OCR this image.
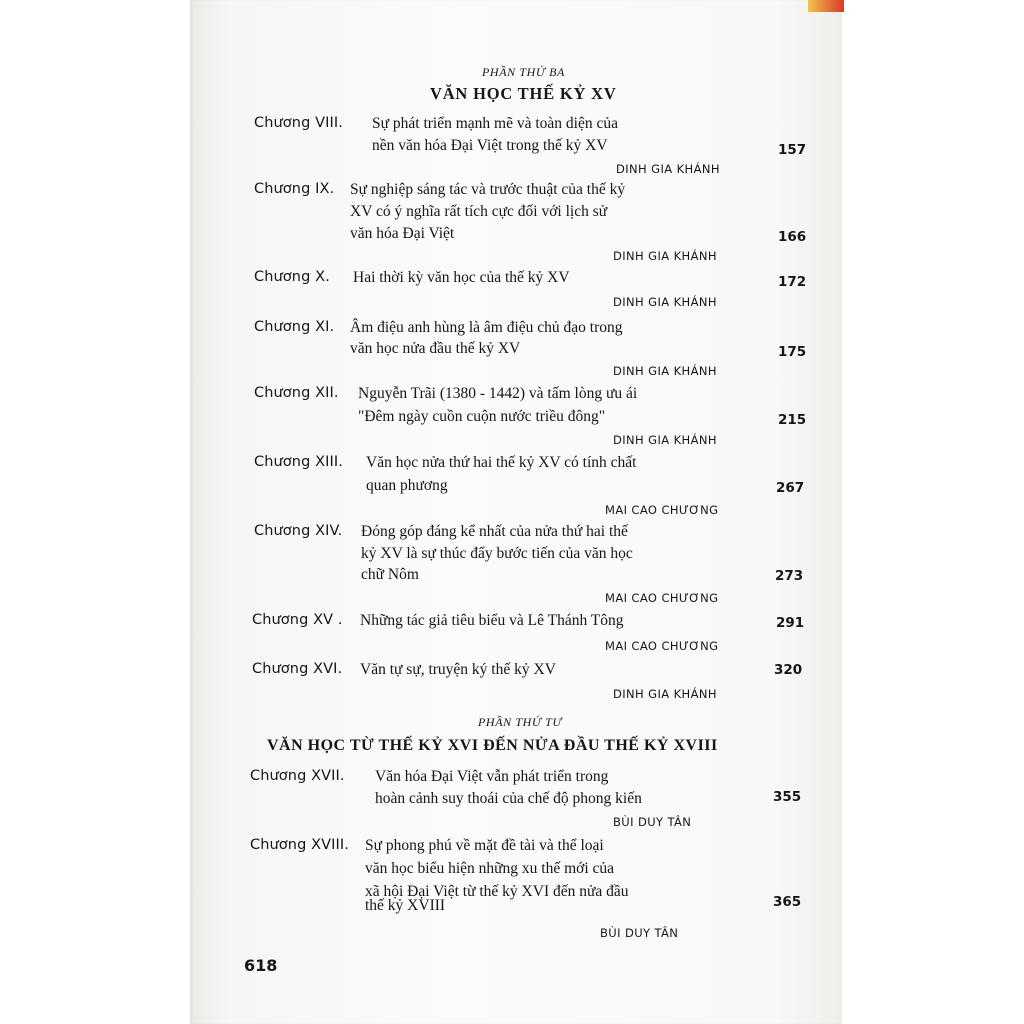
PHẦN THỨ BA
VĂN HỌC THẾ KỶ XV
Chương VIII. Sự phát triển mạnh mẽ và toàn diện của
nền văn hóa Đại Việt trong thế kỷ XV	157
DINH GIA KHÁNH
Chương IX. Sự nghiệp sáng tác và trước thuật của thế kỷ
XV có ý nghĩa rất tích cực đối với lịch sử
văn hóa Đại Việt	166
DINH GIA KHÁNH
Chương X. Hai thời kỳ văn học của thế kỷ XV	172
DINH GIA KHÁNH
Chương XI. Âm điệu anh hùng là âm điệu chủ đạo trong
văn học nửa đầu thế kỷ XV	175
DINH GIA KHÁNH
Chương XII. Nguyễn Trãi (1380 - 1442) và tấm lòng ưu ái
"Đêm ngày cuồn cuộn nước triều đông"	215
DINH GIA KHÁNH
Chương XIII. Văn học nửa thứ hai thế kỷ XV có tính chất
quan phương	267
MAI CAO CHƯƠNG
Chương XIV. Đóng góp đáng kể nhất của nửa thứ hai thế
kỷ XV là sự thúc đẩy bước tiến của văn học
chữ Nôm	273
MAI CAO CHƯƠNG
Chương XV . Những tác giả tiêu biểu và Lê Thánh Tông	291
MAI CAO CHƯƠNG
Chương XVI. Văn tự sự, truyện ký thế kỷ XV	320
DINH GIA KHÁNH
PHẦN THỨ TƯ
VĂN HỌC TỪ THẾ KỶ XVI ĐẾN NỬA ĐẦU THẾ KỶ XVIII
Chương XVII. Văn hóa Đại Việt vẫn phát triển trong
hoàn cảnh suy thoái của chế độ phong kiến	355
BÙI DUY TÂN
Chương XVIII. Sự phong phú về mặt đề tài và thể loại
văn học biểu hiện những xu thế mới của
xã hội Đại Việt từ thế kỷ XVI đến nửa đầu
thế kỷ XVIII	365
BÙI DUY TÂN
618
